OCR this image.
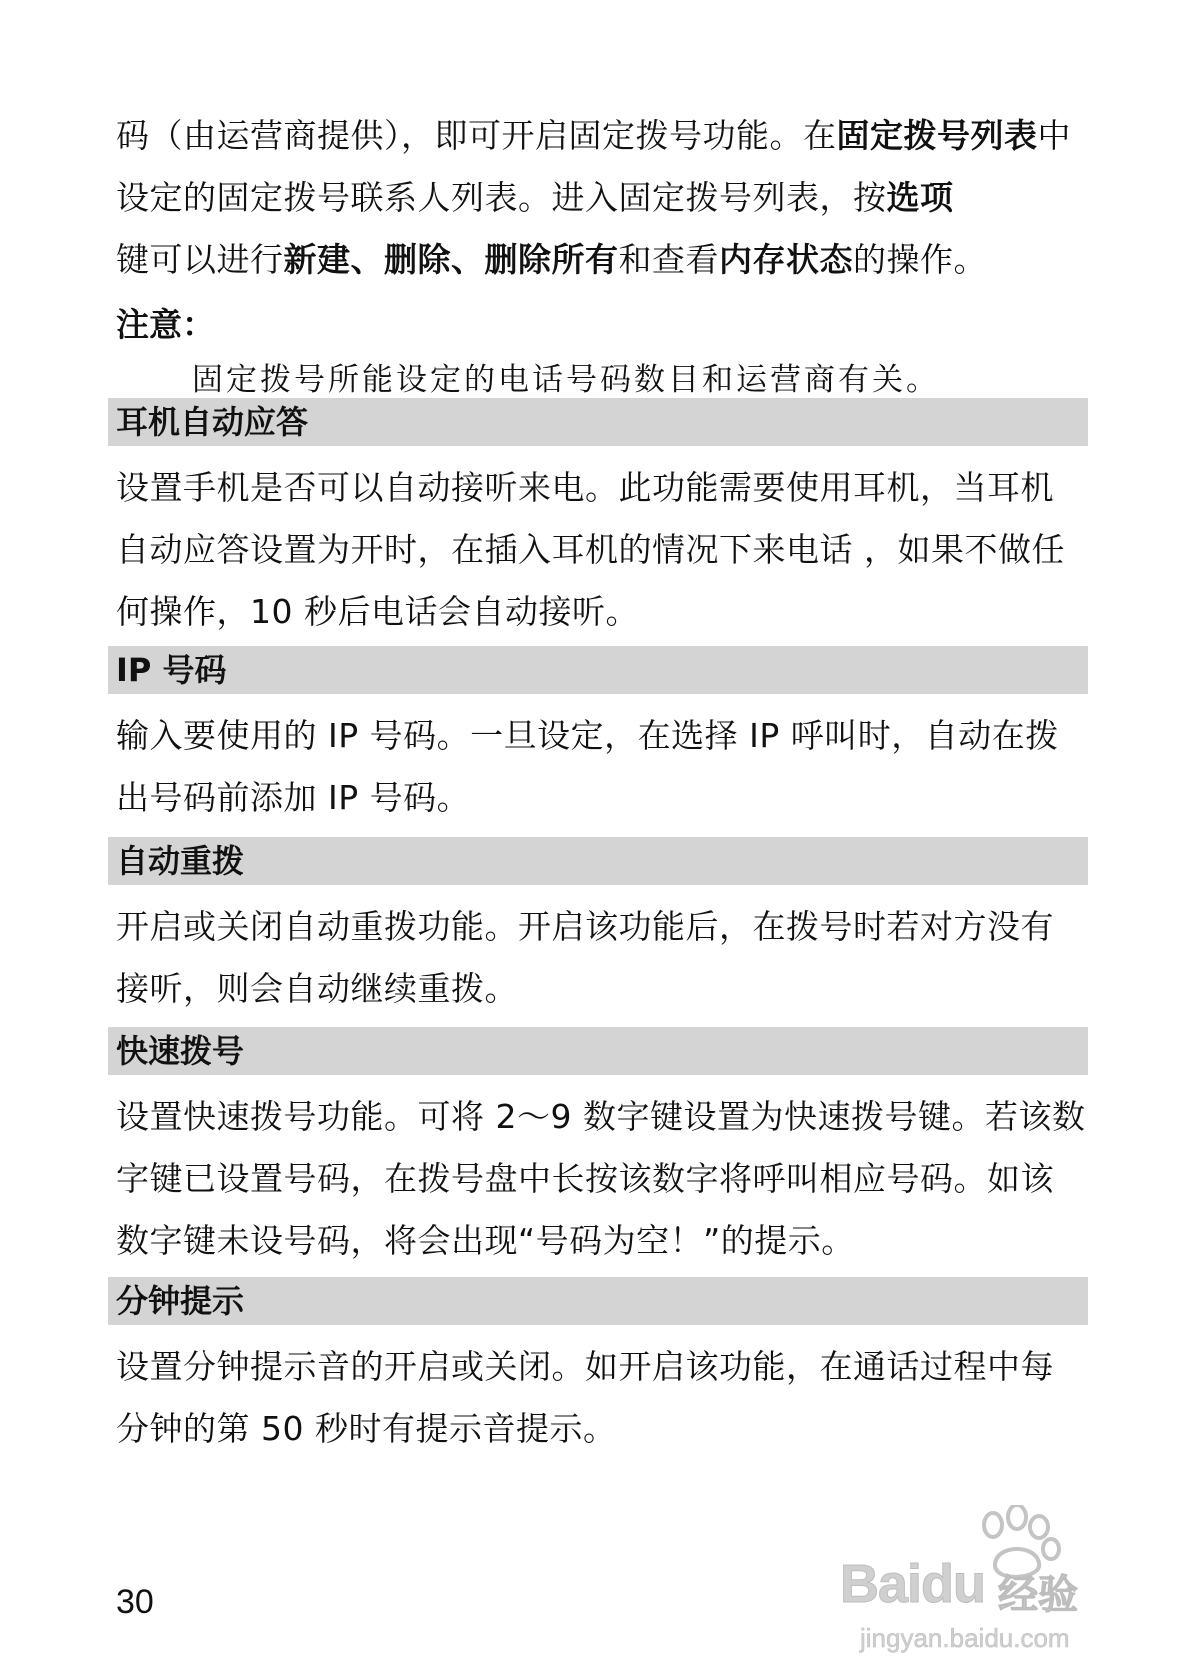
码（由运营商提供），即可开启固定拨号功能。在固定拨号列表中设定的固定拨号联系人列表。进入固定拨号列表，按选项
键可以进行新建、删除、删除所有和查看内存状态的操作。
注意：
固定拨号所能设定的电话号码数目和运营商有关。
耳机自动应答
设置手机是否可以自动接听来电。此功能需要使用耳机，当耳机自动应答设置为开时，在插入耳机的情况下来电话 ，如果不做任何操作，10 秒后电话会自动接听。
IP 号码
输入要使用的 IP 号码。一旦设定，在选择 IP 呼叫时，自动在拨出号码前添加 IP 号码。
自动重拨
开启或关闭自动重拨功能。开启该功能后，在拨号时若对方没有接听，则会自动继续重拨。
快速拨号
设置快速拨号功能。可将 2～9 数字键设置为快速拨号键。若该数字键已设置号码，在拨号盘中长按该数字将呼叫相应号码。如该数字键未设号码，将会出现“号码为空！”的提示。
分钟提示
设置分钟提示音的开启或关闭。如开启该功能，在通话过程中每分钟的第 50 秒时有提示音提示。
30	Baidu 经验
jingyan.baidu.com
